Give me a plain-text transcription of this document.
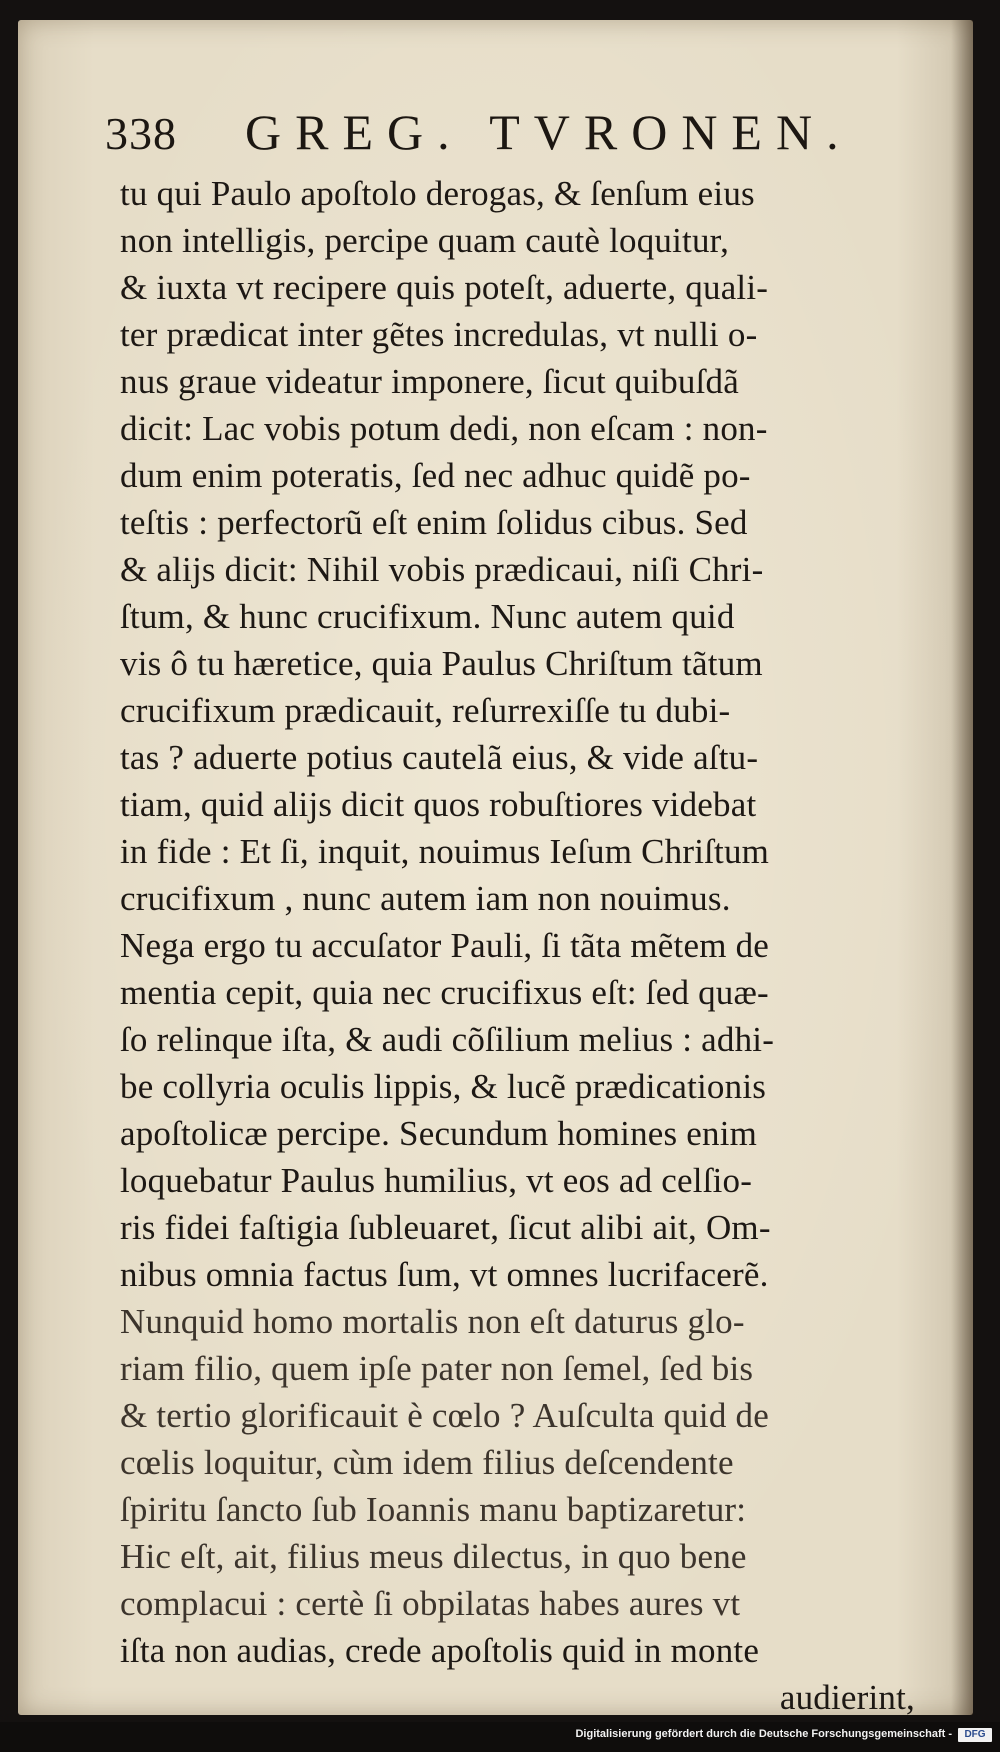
338 GREG. TVRONEN.
tu qui Paulo apoſtolo derogas, & ſenſum eius
non intelligis, percipe quam cautè loquitur,
& iuxta vt recipere quis poteſt, aduerte, quali-
ter prædicat inter gẽtes incredulas, vt nulli o-
nus graue videatur imponere, ſicut quibuſdã
dicit: Lac vobis potum dedi, non eſcam : non-
dum enim poteratis, ſed nec adhuc quidẽ po-
teſtis : perfectorũ eſt enim ſolidus cibus. Sed
& alijs dicit: Nihil vobis prædicaui, niſi Chri-
ſtum, & hunc crucifixum. Nunc autem quid
vis ô tu hæretice, quia Paulus Chriſtum tãtum
crucifixum prædicauit, reſurrexiſſe tu dubi-
tas ? aduerte potius cautelã eius, & vide aſtu-
tiam, quid alijs dicit quos robuſtiores videbat
in fide : Et ſi, inquit, nouimus Ieſum Chriſtum
crucifixum , nunc autem iam non nouimus.
Nega ergo tu accuſator Pauli, ſi tãta mẽtem de
mentia cepit, quia nec crucifixus eſt: ſed quæ-
ſo relinque iſta, & audi cõſilium melius : adhi-
be collyria oculis lippis, & lucẽ prædicationis
apoſtolicæ percipe. Secundum homines enim
loquebatur Paulus humilius, vt eos ad celſio-
ris fidei faſtigia ſubleuaret, ſicut alibi ait, Om-
nibus omnia factus ſum, vt omnes lucrifacerẽ.
Nunquid homo mortalis non eſt daturus glo-
riam filio, quem ipſe pater non ſemel, ſed bis
& tertio glorificauit è cœlo ? Auſculta quid de
cœlis loquitur, cùm idem filius deſcendente
ſpiritu ſancto ſub Ioannis manu baptizaretur:
Hic eſt, ait, filius meus dilectus, in quo bene
complacui : certè ſi obpilatas habes aures vt
iſta non audias, crede apoſtolis quid in monte
audierint,
Digitalisierung gefördert durch die Deutsche Forschungsgemeinschaft -	DFG
